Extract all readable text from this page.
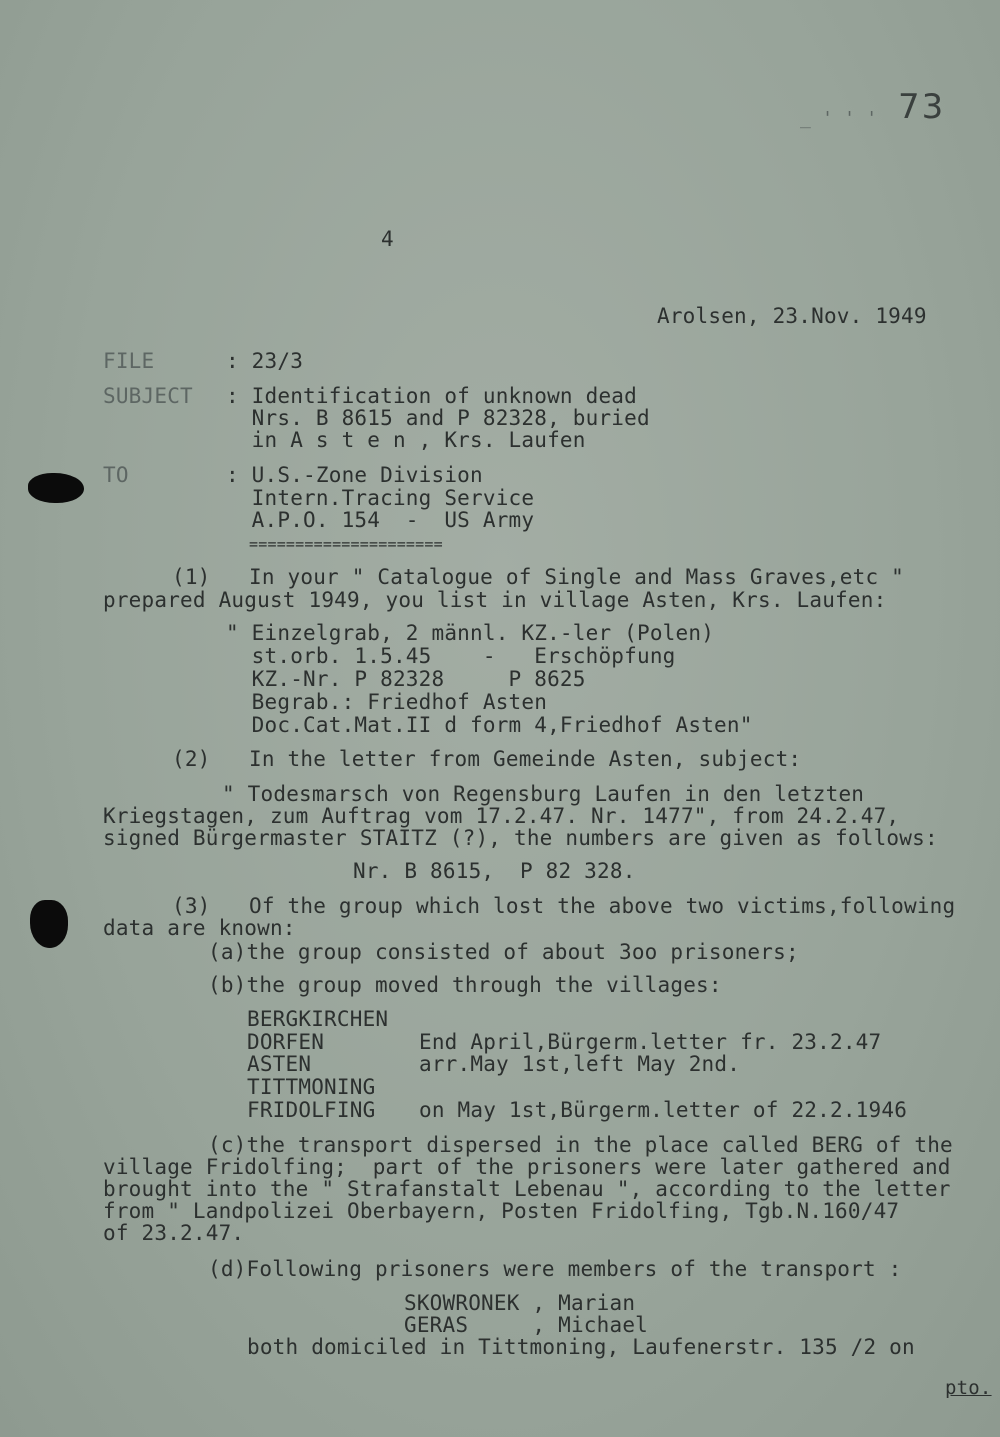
_ ' ' ' 73
4
Arolsen, 23.Nov. 1949
FILE	: 23/3
SUBJECT : Identification of unknown dead
Nrs. B 8615 and P 82328, buried
in A s t e n , Krs. Laufen
TO	: U.S.-Zone Division
Intern.Tracing Service
A.P.O. 154  -  US Army
=====================
(1) In your " Catalogue of Single and Mass Graves,etc "
prepared August 1949, you list in village Asten, Krs. Laufen:
" Einzelgrab, 2 männl. KZ.-ler (Polen)
st.orb. 1.5.45    -   Erschöpfung
KZ.-Nr. P 82328     P 8625
Begrab.: Friedhof Asten
Doc.Cat.Mat.II d form 4,Friedhof Asten"
(2) In the letter from Gemeinde Asten, subject:
" Todesmarsch von Regensburg Laufen in den letzten
Kriegstagen, zum Auftrag vom 17.2.47. Nr. 1477", from 24.2.47,
signed Bürgermaster STAITZ (?), the numbers are given as follows:
Nr. B 8615,  P 82 328.
(3) Of the group which lost the above two victims,following
data are known:
(a)the group consisted of about 3oo prisoners;
(b)the group moved through the villages:
BERGKIRCHEN
DORFEN	End April,Bürgerm.letter fr. 23.2.47
ASTEN	arr.May 1st,left May 2nd.
TITTMONING
FRIDOLFING on May 1st,Bürgerm.letter of 22.2.1946
(c)the transport dispersed in the place called BERG of the
village Fridolfing;  part of the prisoners were later gathered and
brought into the " Strafanstalt Lebenau ", according to the letter
from " Landpolizei Oberbayern, Posten Fridolfing, Tgb.N.160/47
of 23.2.47.
(d)Following prisoners were members of the transport :
SKOWRONEK , Marian
GERAS     , Michael
both domiciled in Tittmoning, Laufenerstr. 135 /2 on
pto.
